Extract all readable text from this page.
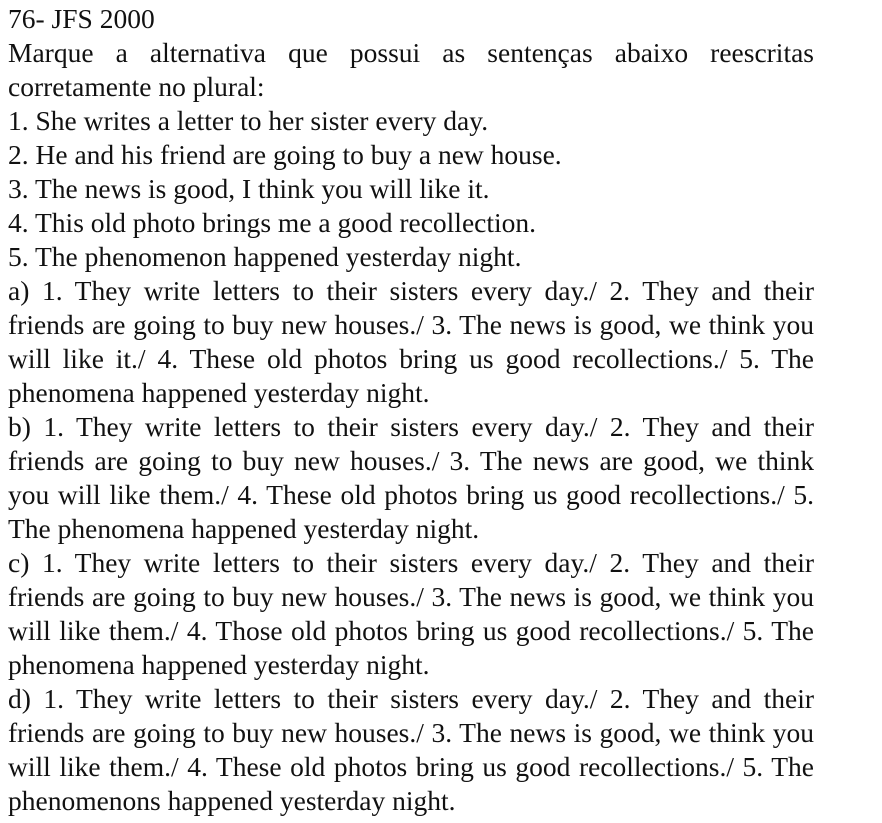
76- JFS 2000

Marque a alternativa que possui as sentenças abaixo reescritas corretamente no plural:

1. She writes a letter to her sister every day.
2. He and his friend are going to buy a new house.
3. The news is good, I think you will like it.
4. This old photo brings me a good recollection.
5. The phenomenon happened yesterday night.

a) 1. They write letters to their sisters every day./ 2. They and their friends are going to buy new houses./ 3. The news is good, we think you will like it./ 4. These old photos bring us good recollections./ 5. The phenomena happened yesterday night.

b) 1. They write letters to their sisters every day./ 2. They and their friends are going to buy new houses./ 3. The news are good, we think you will like them./ 4. These old photos bring us good recollections./ 5. The phenomena happened yesterday night.

c) 1. They write letters to their sisters every day./ 2. They and their friends are going to buy new houses./ 3. The news is good, we think you will like them./ 4. Those old photos bring us good recollections./ 5. The phenomena happened yesterday night.

d) 1. They write letters to their sisters every day./ 2. They and their friends are going to buy new houses./ 3. The news is good, we think you will like them./ 4. These old photos bring us good recollections./ 5. The phenomenons happened yesterday night.
